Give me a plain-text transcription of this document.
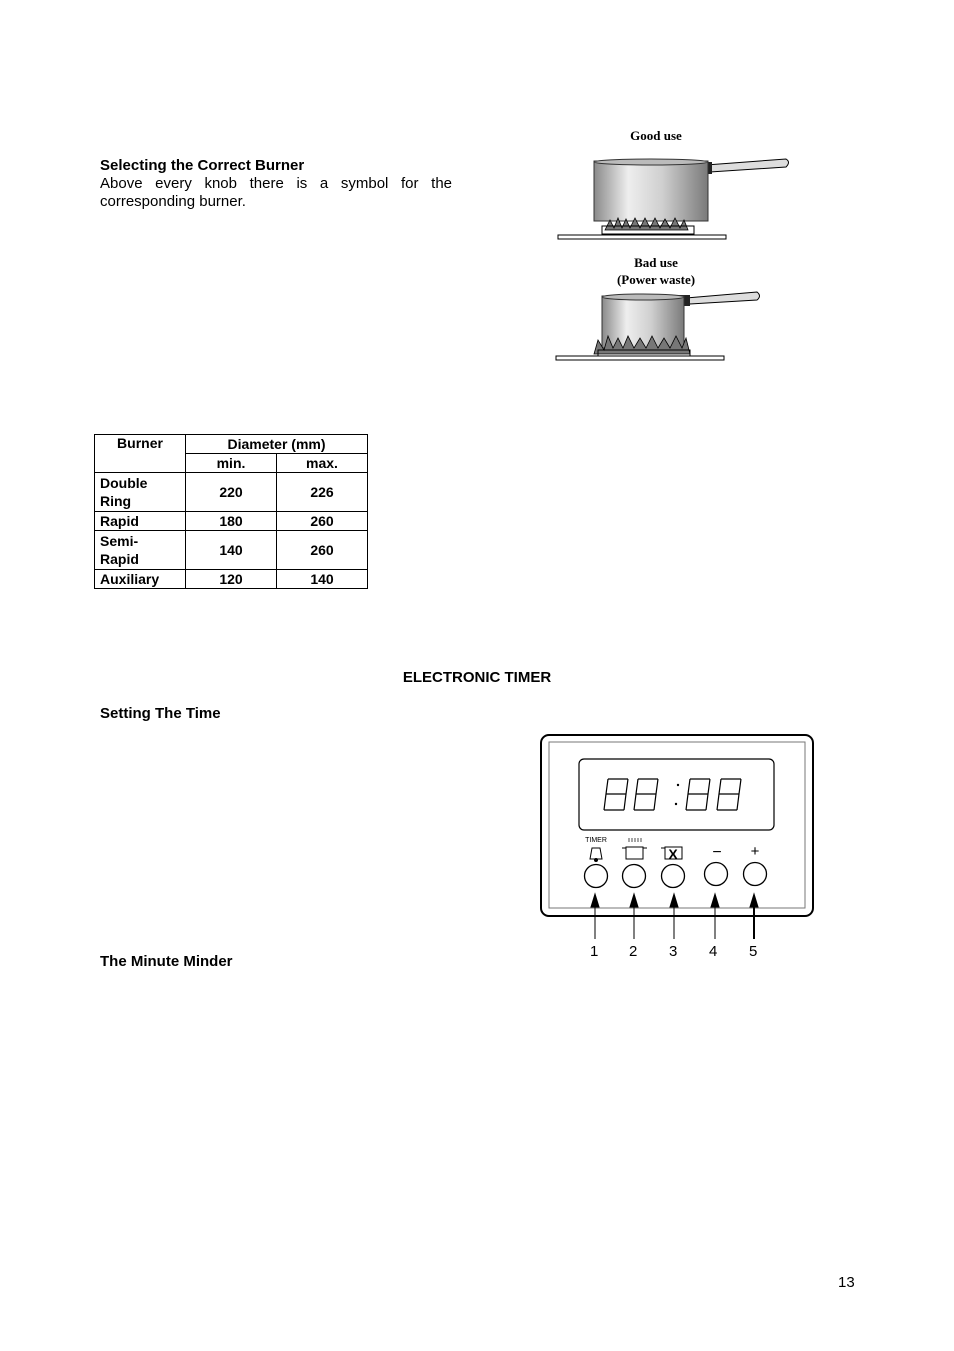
Selecting the Correct Burner
Above every knob there is a symbol for the corresponding burner.
Good use
Bad use
(Power waste)
Burner	Diameter (mm)	
	min.	max.
Double
Ring	220	226
Rapid	180	260
Semi-
Rapid	140	260
Auxiliary	120	140
ELECTRONIC TIMER
Setting The Time
The Minute Minder
TIMER
X − +
1 2 3 4 5
13
